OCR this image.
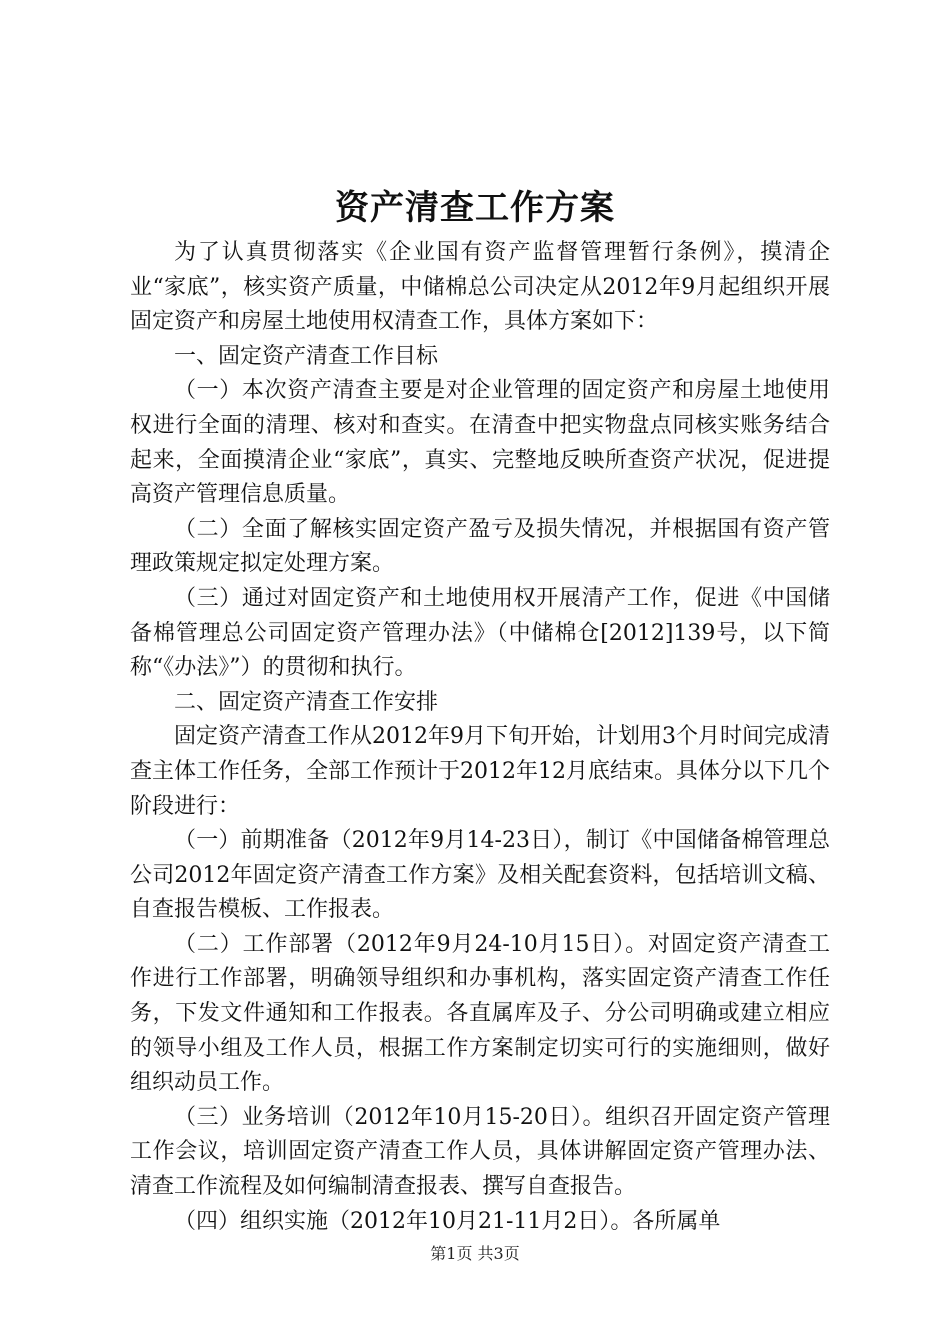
资产清查工作方案

为了认真贯彻落实《企业国有资产监督管理暂行条例》，摸清企业“家底”，核实资产质量，中储棉总公司决定从2012年9月起组织开展固定资产和房屋土地使用权清查工作，具体方案如下：

一、固定资产清查工作目标

（一）本次资产清查主要是对企业管理的固定资产和房屋土地使用权进行全面的清理、核对和查实。在清查中把实物盘点同核实账务结合起来，全面摸清企业“家底”，真实、完整地反映所查资产状况，促进提高资产管理信息质量。

（二）全面了解核实固定资产盈亏及损失情况，并根据国有资产管理政策规定拟定处理方案。

（三）通过对固定资产和土地使用权开展清产工作，促进《中国储备棉管理总公司固定资产管理办法》（中储棉仓[2012]139号，以下简称“《办法》”）的贯彻和执行。

二、固定资产清查工作安排

固定资产清查工作从2012年9月下旬开始，计划用3个月时间完成清查主体工作任务，全部工作预计于2012年12月底结束。具体分以下几个阶段进行：

（一）前期准备（2012年9月14-23日），制订《中国储备棉管理总公司2012年固定资产清查工作方案》及相关配套资料，包括培训文稿、自查报告模板、工作报表。

（二）工作部署（2012年9月24-10月15日）。对固定资产清查工作进行工作部署，明确领导组织和办事机构，落实固定资产清查工作任务，下发文件通知和工作报表。各直属库及子、分公司明确或建立相应的领导小组及工作人员，根据工作方案制定切实可行的实施细则，做好组织动员工作。

（三）业务培训（2012年10月15-20日）。组织召开固定资产管理工作会议，培训固定资产清查工作人员，具体讲解固定资产管理办法、清查工作流程及如何编制清查报表、撰写自查报告。

（四）组织实施（2012年10月21-11月2日）。各所属单

第1页 共3页
